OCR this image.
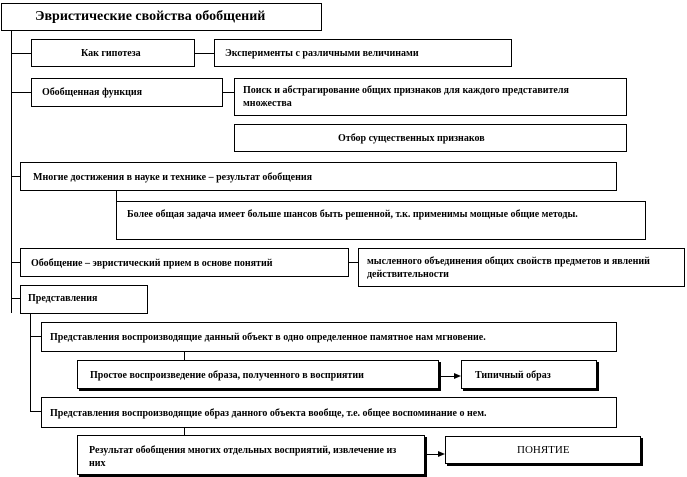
Эвристические свойства обобщений
Как гипотеза	Эксперименты с различными величинами
Обобщенная функция	Поиск и абстрагирование общих признаков для каждого представителя множества
Отбор существенных признаков
Многие достижения в науке и технике – результат обобщения
Более общая задача имеет больше шансов быть решенной, т.к. применимы мощные общие методы.
Обобщение – эвристический прием в основе понятий	мысленного объединения общих свойств предметов и явлений действительности
Представления
Представления воспроизводящие данный объект в одно определенное памятное нам мгновение.
Простое воспроизведение образа, полученного в восприятии	Типичный образ
Представления воспроизводящие образ данного объекта вообще, т.е. общее воспоминание о нем.
Результат обобщения многих отдельных восприятий, извлечение из них
ПОНЯТИЕ
